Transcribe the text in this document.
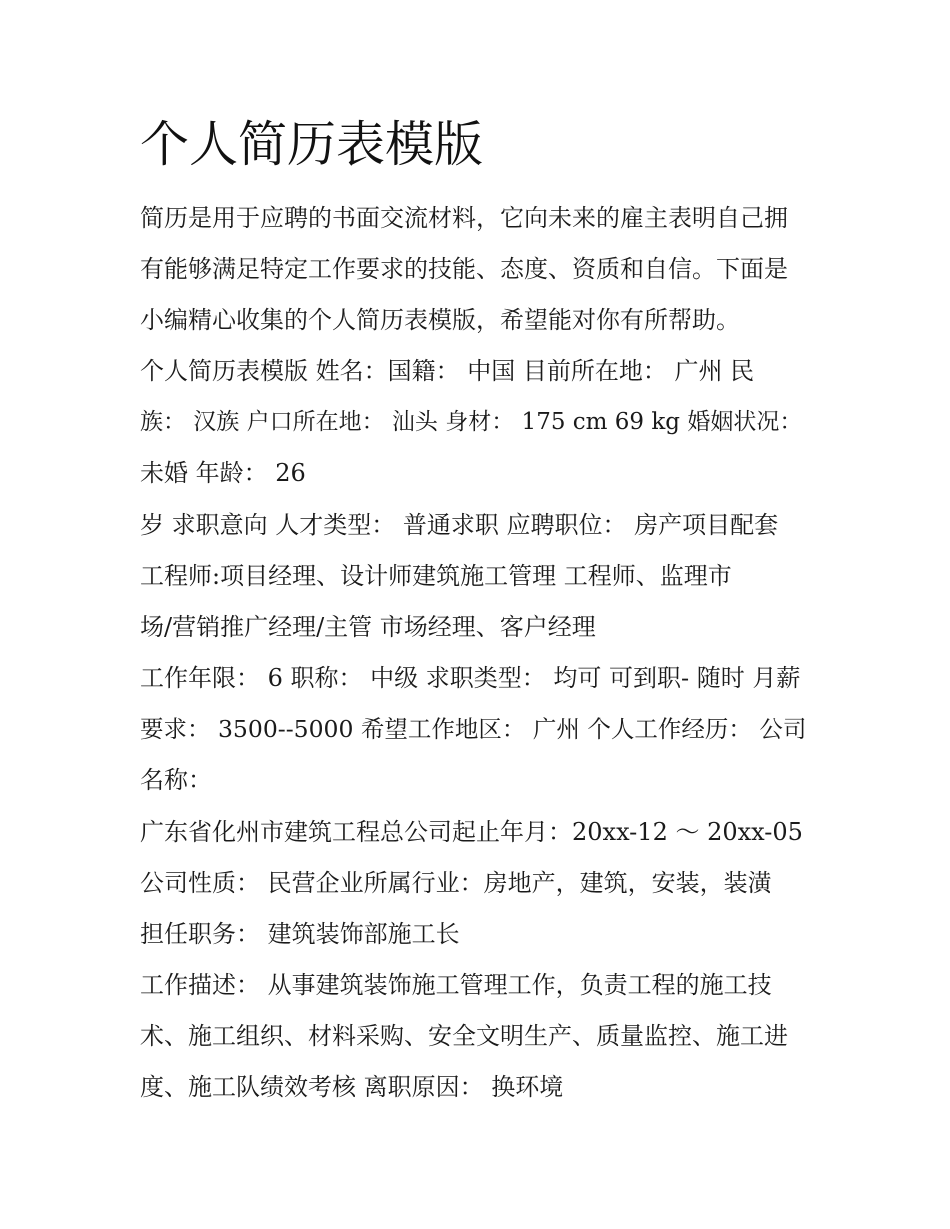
个人简历表模版

简历是用于应聘的书面交流材料，它向未来的雇主表明自己拥

有能够满足特定工作要求的技能、态度、资质和自信。下面是

小编精心收集的个人简历表模版，希望能对你有所帮助。

个人简历表模版 姓名：国籍： 中国 目前所在地： 广州 民

族： 汉族 户口所在地： 汕头 身材： 175 cm 69 kg 婚姻状况：

未婚 年龄： 26

岁 求职意向 人才类型： 普通求职 应聘职位： 房产项目配套

工程师:项目经理、设计师建筑施工管理 工程师、监理市

场/营销推广经理/主管 市场经理、客户经理

工作年限： 6 职称： 中级 求职类型： 均可 可到职- 随时 月薪

要求： 3500--5000 希望工作地区： 广州 个人工作经历： 公司

名称：

广东省化州市建筑工程总公司起止年月：20xx-12 ～ 20xx-05

公司性质： 民营企业所属行业：房地产，建筑，安装，装潢

担任职务： 建筑装饰部施工长

工作描述： 从事建筑装饰施工管理工作，负责工程的施工技

术、施工组织、材料采购、安全文明生产、质量监控、施工进

度、施工队绩效考核 离职原因： 换环境
